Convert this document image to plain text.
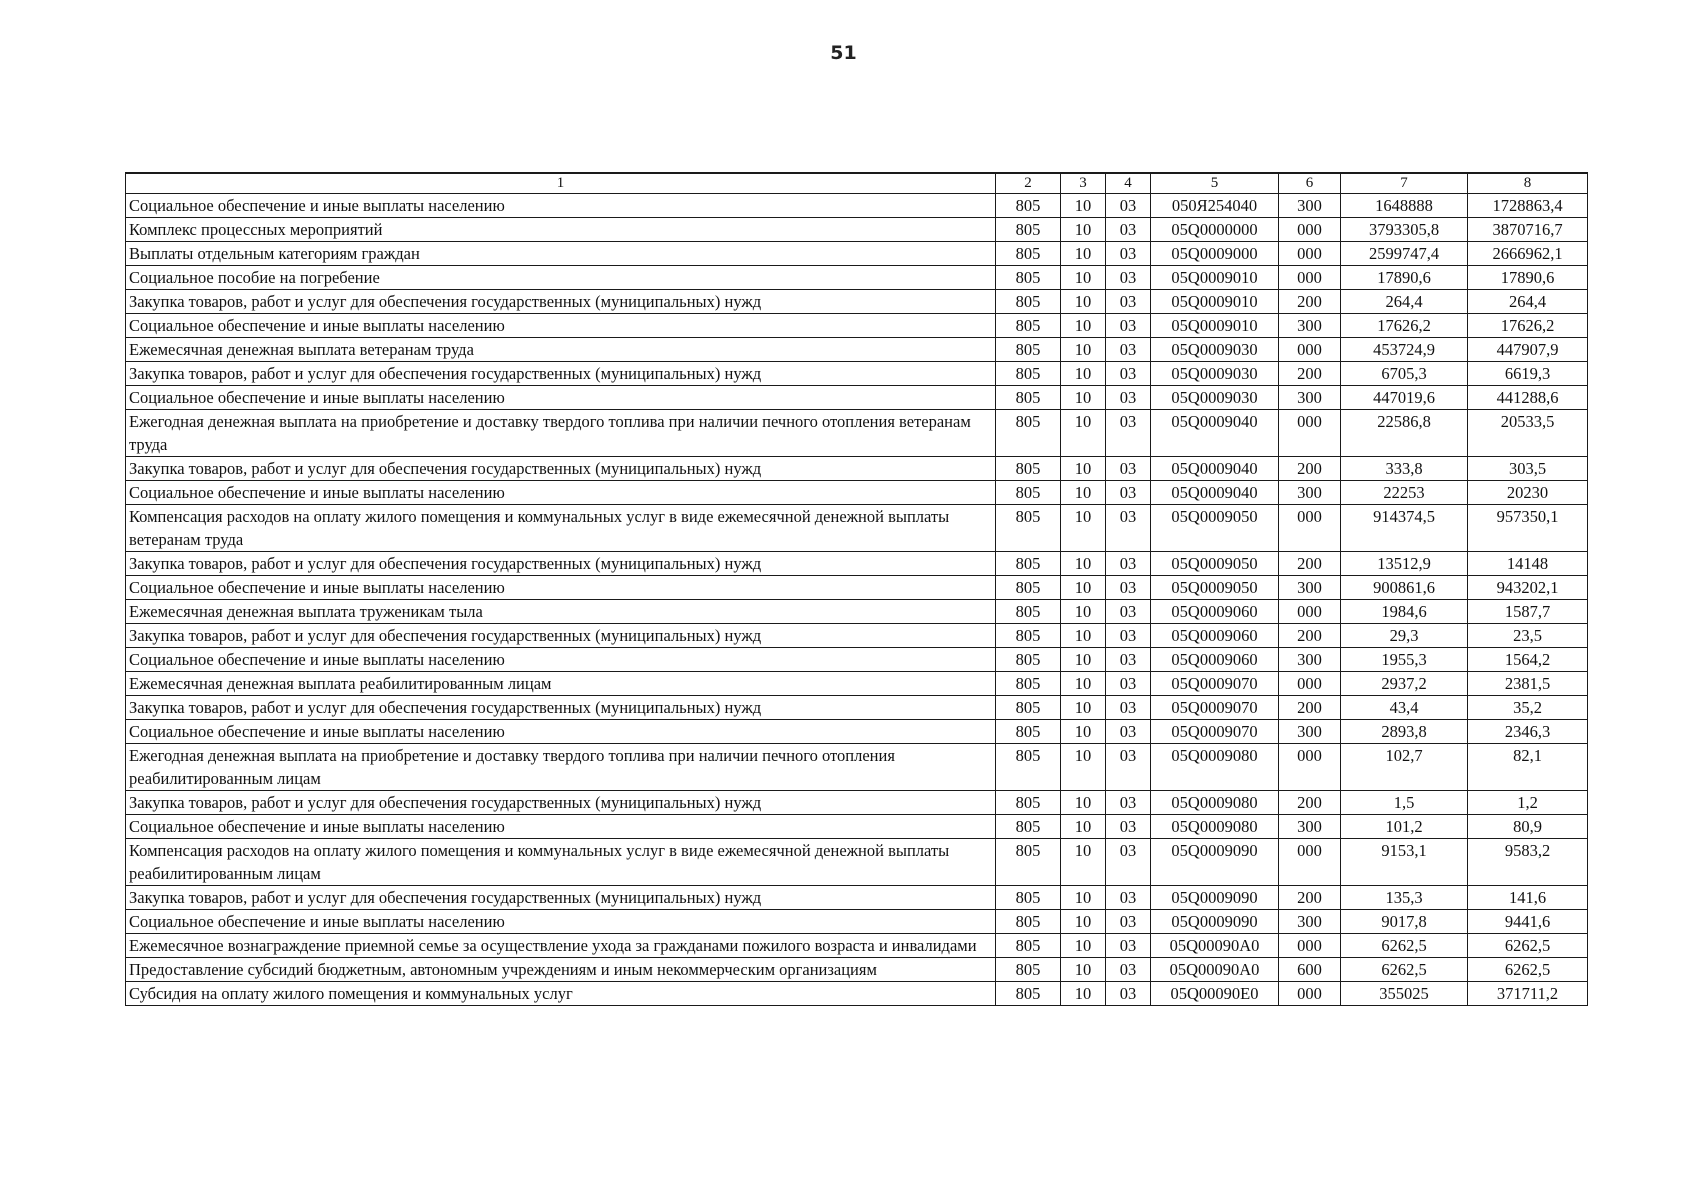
51
1	2	3	4	5	6	7	8
Социальное обеспечение и иные выплаты населению	805	10	03	050Я254040	300	1648888	1728863,4
Комплекс процессных мероприятий	805	10	03	05Q0000000	000	3793305,8	3870716,7
Выплаты отдельным категориям граждан	805	10	03	05Q0009000	000	2599747,4	2666962,1
Социальное пособие на погребение	805	10	03	05Q0009010	000	17890,6	17890,6
Закупка товаров, работ и услуг для обеспечения государственных (муниципальных) нужд	805	10	03	05Q0009010	200	264,4	264,4
Социальное обеспечение и иные выплаты населению	805	10	03	05Q0009010	300	17626,2	17626,2
Ежемесячная денежная выплата ветеранам труда	805	10	03	05Q0009030	000	453724,9	447907,9
Закупка товаров, работ и услуг для обеспечения государственных (муниципальных) нужд	805	10	03	05Q0009030	200	6705,3	6619,3
Социальное обеспечение и иные выплаты населению	805	10	03	05Q0009030	300	447019,6	441288,6
Ежегодная денежная выплата на приобретение и доставку твердого топлива при наличии печного отопления ветеранам труда	805	10	03	05Q0009040	000	22586,8	20533,5
Закупка товаров, работ и услуг для обеспечения государственных (муниципальных) нужд	805	10	03	05Q0009040	200	333,8	303,5
Социальное обеспечение и иные выплаты населению	805	10	03	05Q0009040	300	22253	20230
Компенсация расходов на оплату жилого помещения и коммунальных услуг в виде ежемесячной денежной выплаты ветеранам труда	805	10	03	05Q0009050	000	914374,5	957350,1
Закупка товаров, работ и услуг для обеспечения государственных (муниципальных) нужд	805	10	03	05Q0009050	200	13512,9	14148
Социальное обеспечение и иные выплаты населению	805	10	03	05Q0009050	300	900861,6	943202,1
Ежемесячная денежная выплата труженикам тыла	805	10	03	05Q0009060	000	1984,6	1587,7
Закупка товаров, работ и услуг для обеспечения государственных (муниципальных) нужд	805	10	03	05Q0009060	200	29,3	23,5
Социальное обеспечение и иные выплаты населению	805	10	03	05Q0009060	300	1955,3	1564,2
Ежемесячная денежная выплата реабилитированным лицам	805	10	03	05Q0009070	000	2937,2	2381,5
Закупка товаров, работ и услуг для обеспечения государственных (муниципальных) нужд	805	10	03	05Q0009070	200	43,4	35,2
Социальное обеспечение и иные выплаты населению	805	10	03	05Q0009070	300	2893,8	2346,3
Ежегодная денежная выплата на приобретение и доставку твердого топлива при наличии печного отопления реабилитированным лицам	805	10	03	05Q0009080	000	102,7	82,1
Закупка товаров, работ и услуг для обеспечения государственных (муниципальных) нужд	805	10	03	05Q0009080	200	1,5	1,2
Социальное обеспечение и иные выплаты населению	805	10	03	05Q0009080	300	101,2	80,9
Компенсация расходов на оплату жилого помещения и коммунальных услуг в виде ежемесячной денежной выплаты реабилитированным лицам	805	10	03	05Q0009090	000	9153,1	9583,2
Закупка товаров, работ и услуг для обеспечения государственных (муниципальных) нужд	805	10	03	05Q0009090	200	135,3	141,6
Социальное обеспечение и иные выплаты населению	805	10	03	05Q0009090	300	9017,8	9441,6
Ежемесячное вознаграждение приемной семье за осуществление ухода за гражданами пожилого возраста и инвалидами	805	10	03	05Q00090A0	000	6262,5	6262,5
Предоставление субсидий бюджетным, автономным учреждениям и иным некоммерческим организациям	805	10	03	05Q00090A0	600	6262,5	6262,5
Субсидия на оплату жилого помещения и коммунальных услуг	805	10	03	05Q00090E0	000	355025	371711,2
